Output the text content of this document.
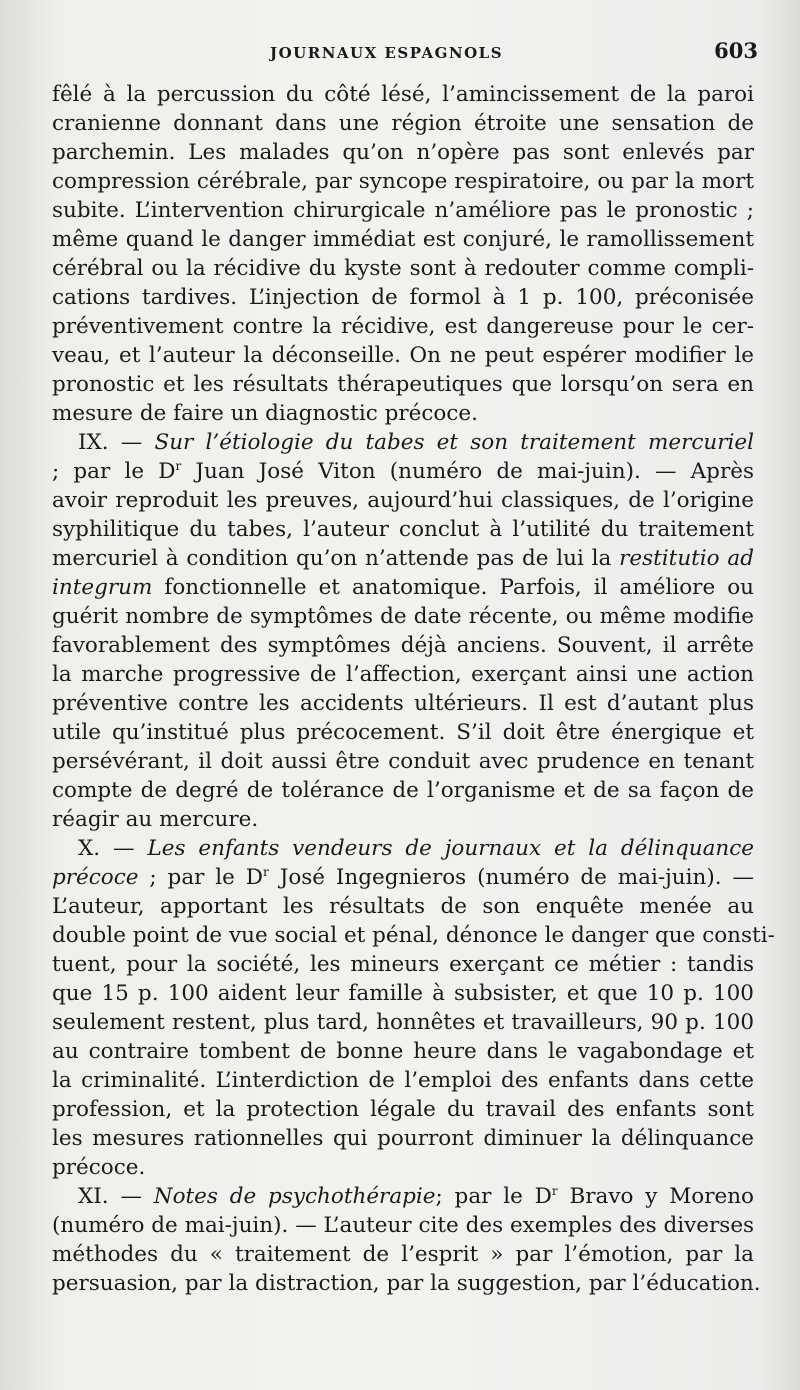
JOURNAUX ESPAGNOLS	603
fêlé à la percussion du côté lésé, l’amincissement de la paroi
cranienne donnant dans une région étroite une sensation de
parchemin. Les malades qu’on n’opère pas sont enlevés par
compression cérébrale, par syncope respiratoire, ou par la mort
subite. L’intervention chirurgicale n’améliore pas le pronostic ;
même quand le danger immédiat est conjuré, le ramollissement
cérébral ou la récidive du kyste sont à redouter comme compli-
cations tardives. L’injection de formol à 1 p. 100, préconisée
préventivement contre la récidive, est dangereuse pour le cer-
veau, et l’auteur la déconseille. On ne peut espérer modifier le
pronostic et les résultats thérapeutiques que lorsqu’on sera en
mesure de faire un diagnostic précoce.
IX. — Sur l’étiologie du tabes et son traitement mercuriel
; par le $D^r$ Juan José Viton (numéro de mai-juin). — Après
avoir reproduit les preuves, aujourd’hui classiques, de l’origine
syphilitique du tabes, l’auteur conclut à l’utilité du traitement
mercuriel à condition qu’on n’attende pas de lui la restitutio ad
integrum fonctionnelle et anatomique. Parfois, il améliore ou
guérit nombre de symptômes de date récente, ou même modifie
favorablement des symptômes déjà anciens. Souvent, il arrête
la marche progressive de l’affection, exerçant ainsi une action
préventive contre les accidents ultérieurs. Il est d’autant plus
utile qu’institué plus précocement. S’il doit être énergique et
persévérant, il doit aussi être conduit avec prudence en tenant
compte de degré de tolérance de l’organisme et de sa façon de
réagir au mercure.
X. — Les enfants vendeurs de journaux et la délinquance
précoce ; par le $D^r$ José Ingegnieros (numéro de mai-juin). —
L’auteur, apportant les résultats de son enquête menée au
double point de vue social et pénal, dénonce le danger que consti-
tuent, pour la société, les mineurs exerçant ce métier : tandis
que 15 p. 100 aident leur famille à subsister, et que 10 p. 100
seulement restent, plus tard, honnêtes et travailleurs, 90 p. 100
au contraire tombent de bonne heure dans le vagabondage et
la criminalité. L’interdiction de l’emploi des enfants dans cette
profession, et la protection légale du travail des enfants sont
les mesures rationnelles qui pourront diminuer la délinquance
précoce.
XI. — Notes de psychothérapie; par le $D^r$ Bravo y Moreno
(numéro de mai-juin). — L’auteur cite des exemples des diverses
méthodes du « traitement de l’esprit » par l’émotion, par la
persuasion, par la distraction, par la suggestion, par l’éducation.
